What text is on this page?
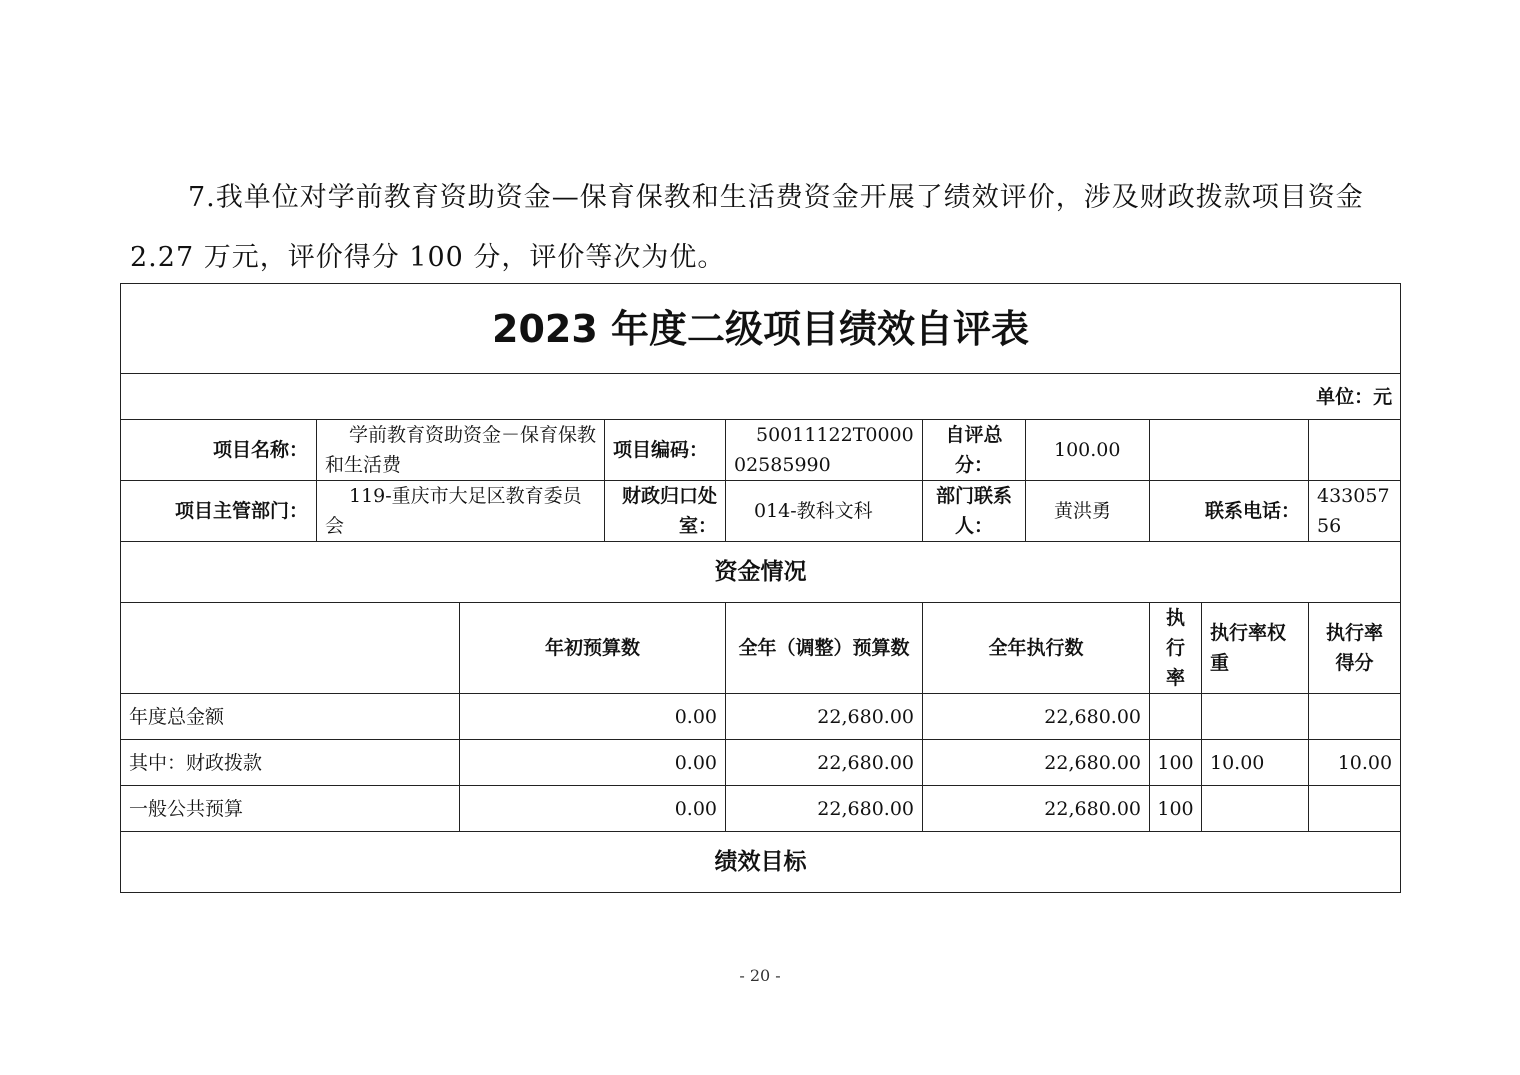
7.我单位对学前教育资助资金—保育保教和生活费资金开展了绩效评价，涉及财政拨款项目资金
2.27 万元，评价得分 100 分，评价等次为优。
2023 年度二级项目绩效自评表									
单位：元									
项目名称：	学前教育资助资金－保育保教和生活费		项目编码：	50011122T000002585990	自评总分：	100.00			
项目主管部门：	119-重庆市大足区教育委员会		财政归口处室：	014-教科文科	部门联系人：	黄洪勇	联系电话：		43305756
资金情况									
		年初预算数		全年（调整）预算数	全年执行数		执行率	执行率权重	执行率得分
年度总金额		0.00		22,680.00	22,680.00				
其中：财政拨款		0.00		22,680.00	22,680.00		100	10.00	10.00
一般公共预算		0.00		22,680.00	22,680.00		100		
绩效目标									
- 20 -
